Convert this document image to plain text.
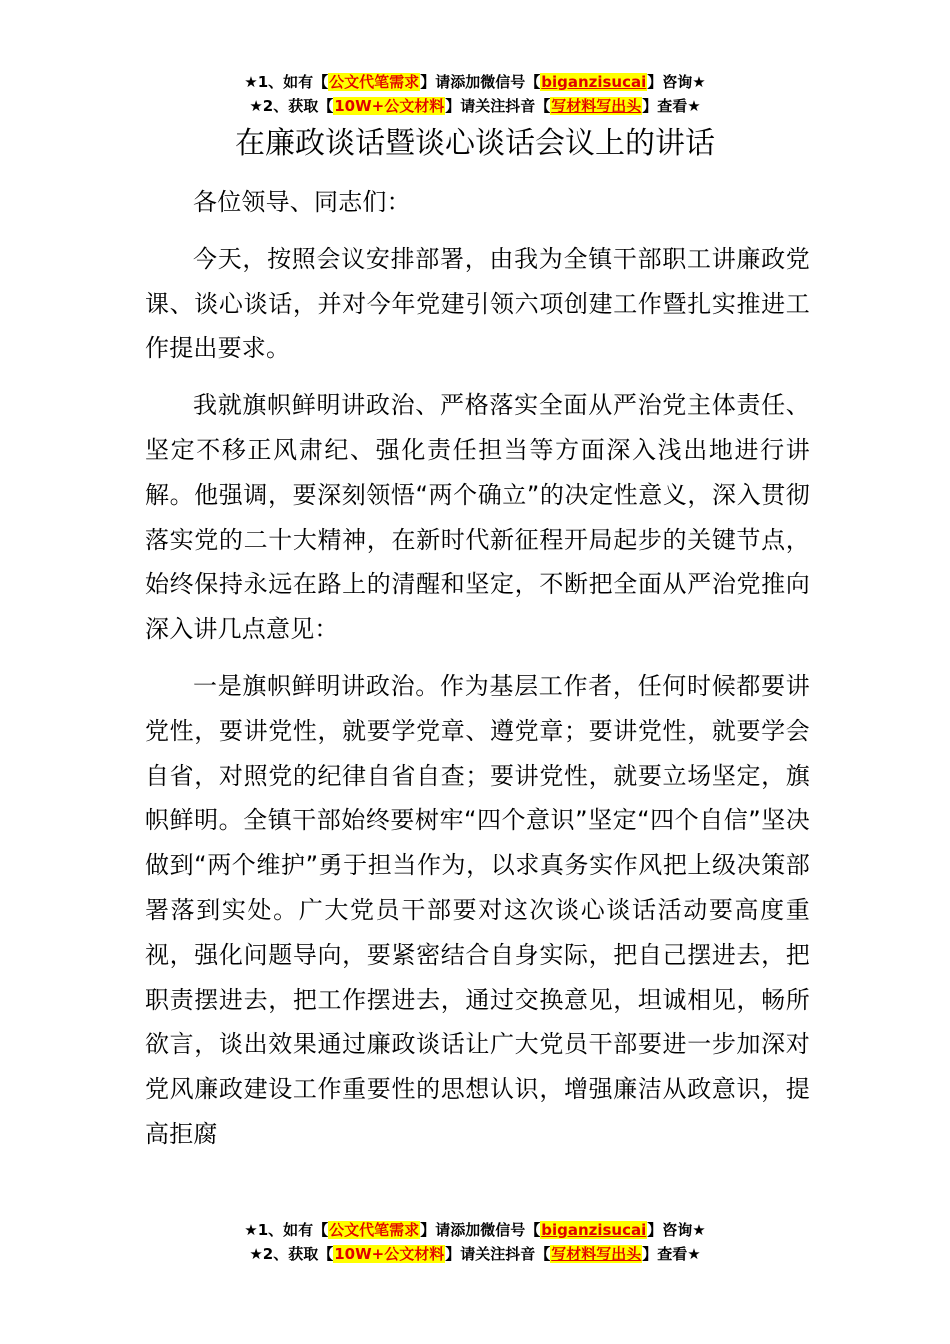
★1、如有【公文代笔需求】请添加微信号【biganzisucai】咨询★
★2、获取【10W+公文材料】请关注抖音【写材料写出头】查看★
在廉政谈话暨谈心谈话会议上的讲话

各位领导、同志们：

今天，按照会议安排部署，由我为全镇干部职工讲廉政党课、谈心谈话，并对今年党建引领六项创建工作暨扎实推进工作提出要求。

我就旗帜鲜明讲政治、严格落实全面从严治党主体责任、坚定不移正风肃纪、强化责任担当等方面深入浅出地进行讲解。他强调，要深刻领悟“两个确立”的决定性意义，深入贯彻落实党的二十大精神，在新时代新征程开局起步的关键节点，始终保持永远在路上的清醒和坚定，不断把全面从严治党推向深入讲几点意见：

一是旗帜鲜明讲政治。作为基层工作者，任何时候都要讲党性，要讲党性，就要学党章、遵党章；要讲党性，就要学会自省，对照党的纪律自省自查；要讲党性，就要立场坚定，旗帜鲜明。全镇干部始终要树牢“四个意识”坚定“四个自信”坚决做到“两个维护”勇于担当作为，以求真务实作风把上级决策部署落到实处。广大党员干部要对这次谈心谈话活动要高度重视，强化问题导向，要紧密结合自身实际，把自己摆进去，把职责摆进去，把工作摆进去，通过交换意见，坦诚相见，畅所欲言，谈出效果通过廉政谈话让广大党员干部要进一步加深对党风廉政建设工作重要性的思想认识，增强廉洁从政意识，提高拒腐

★1、如有【公文代笔需求】请添加微信号【biganzisucai】咨询★
★2、获取【10W+公文材料】请关注抖音【写材料写出头】查看★
